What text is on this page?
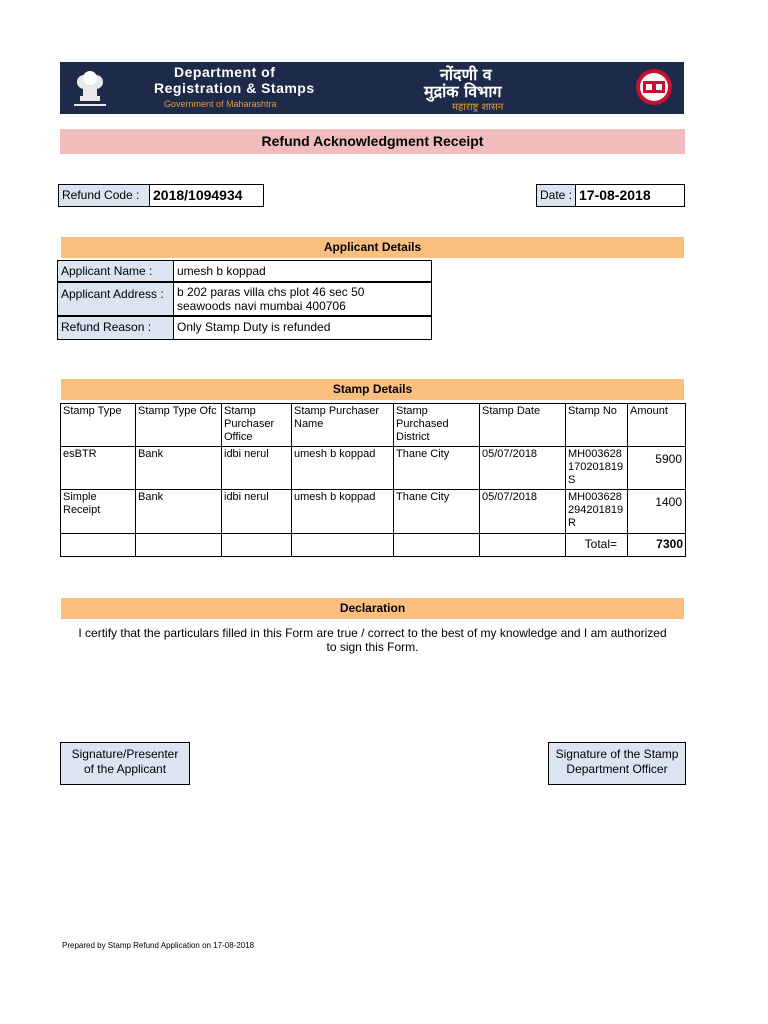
Department of
Registration & Stamps
Government of Maharashtra
नोंदणी व
मुद्रांक विभाग
महाराष्ट्र शासन
Refund Acknowledgment Receipt
Refund Code : 2018/1094934	Date : 17-08-2018
Applicant Details
Applicant Name :	umesh b koppad
Applicant Address :	b 202 paras villa chs plot 46 sec 50
seawoods navi mumbai 400706
Refund Reason :	Only Stamp Duty is refunded
Stamp Details
Stamp Type	Stamp Type Ofc	Stamp Purchaser Office	Stamp Purchaser Name	Stamp Purchased District	Stamp Date	Stamp No	Amount
esBTR	Bank	idbi nerul	umesh b koppad	Thane City	05/07/2018	MH003628 170201819 S	5900
Simple Receipt	Bank	idbi nerul	umesh b koppad	Thane City	05/07/2018	MH003628 294201819 R	1400
						Total=	7300
Declaration
I certify that the particulars filled in this Form are true / correct to the best of my knowledge and I am authorized
to sign this Form.
Signature/Presenter
of the Applicant
Signature of the Stamp
Department Officer
Prepared by Stamp Refund Application on 17-08-2018
